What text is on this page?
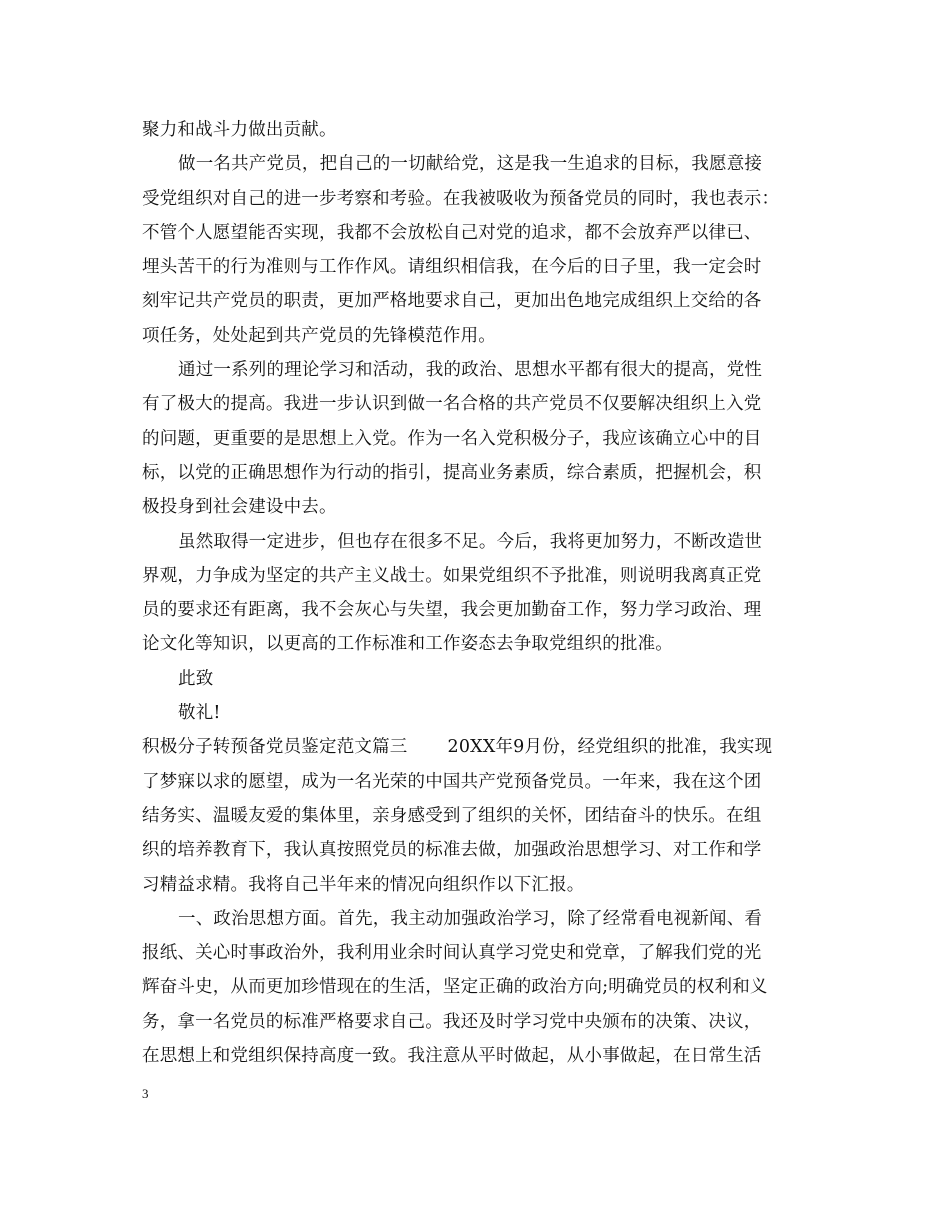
聚力和战斗力做出贡献。
做一名共产党员，把自己的一切献给党，这是我一生追求的目标，我愿意接
受党组织对自己的进一步考察和考验。在我被吸收为预备党员的同时，我也表示：
不管个人愿望能否实现，我都不会放松自己对党的追求，都不会放弃严以律已、
埋头苦干的行为准则与工作作风。请组织相信我，在今后的日子里，我一定会时
刻牢记共产党员的职责，更加严格地要求自己，更加出色地完成组织上交给的各
项任务，处处起到共产党员的先锋模范作用。
通过一系列的理论学习和活动，我的政治、思想水平都有很大的提高，党性
有了极大的提高。我进一步认识到做一名合格的共产党员不仅要解决组织上入党
的问题，更重要的是思想上入党。作为一名入党积极分子，我应该确立心中的目
标，以党的正确思想作为行动的指引，提高业务素质，综合素质，把握机会，积
极投身到社会建设中去。
虽然取得一定进步，但也存在很多不足。今后，我将更加努力，不断改造世
界观，力争成为坚定的共产主义战士。如果党组织不予批准，则说明我离真正党
员的要求还有距离，我不会灰心与失望，我会更加勤奋工作，努力学习政治、理
论文化等知识，以更高的工作标准和工作姿态去争取党组织的批准。
此致
敬礼!
积极分子转预备党员鉴定范文篇三 20XX年9月份，经党组织的批准，我实现
了梦寐以求的愿望，成为一名光荣的中国共产党预备党员。一年来，我在这个团
结务实、温暖友爱的集体里，亲身感受到了组织的关怀，团结奋斗的快乐。在组
织的培养教育下，我认真按照党员的标准去做，加强政治思想学习、对工作和学
习精益求精。我将自己半年来的情况向组织作以下汇报。
一、政治思想方面。首先，我主动加强政治学习，除了经常看电视新闻、看
报纸、关心时事政治外，我利用业余时间认真学习党史和党章，了解我们党的光
辉奋斗史，从而更加珍惜现在的生活，坚定正确的政治方向;明确党员的权利和义
务，拿一名党员的标准严格要求自己。我还及时学习党中央颁布的决策、决议，
在思想上和党组织保持高度一致。我注意从平时做起，从小事做起，在日常生活
3
